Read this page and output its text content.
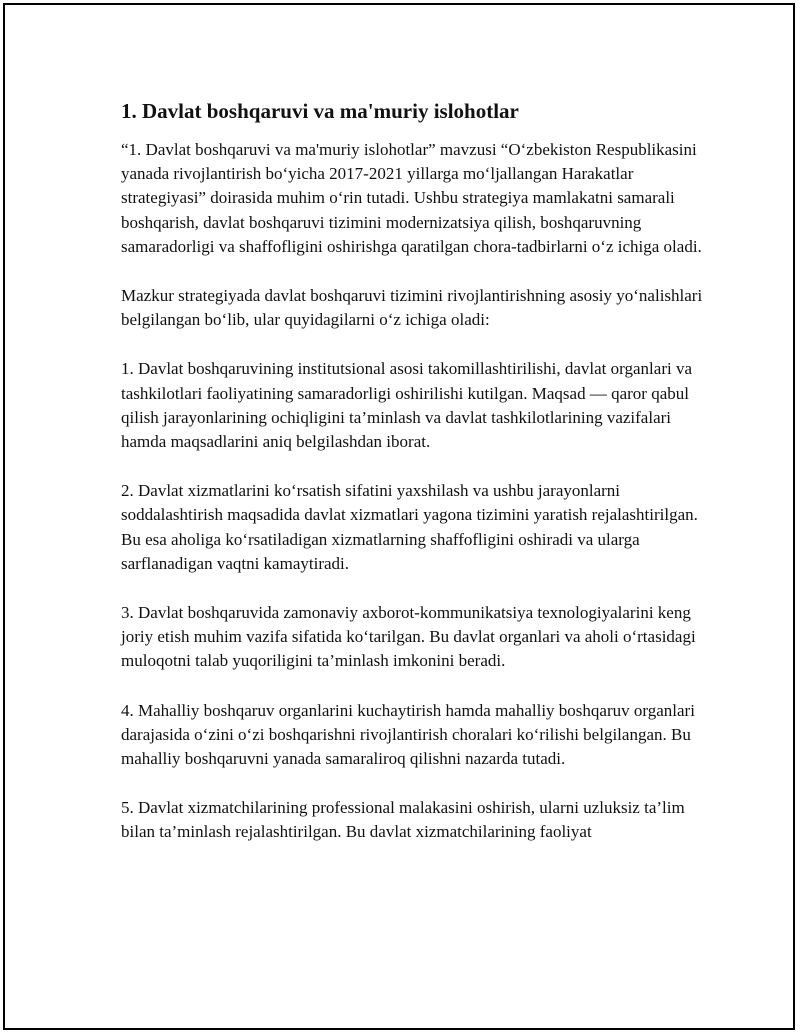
1. Davlat boshqaruvi va ma'muriy islohotlar

“1. Davlat boshqaruvi va ma'muriy islohotlar” mavzusi “O‘zbekiston Respublikasini yanada rivojlantirish bo‘yicha 2017-2021 yillarga mo‘ljallangan Harakatlar strategiyasi” doirasida muhim o‘rin tutadi. Ushbu strategiya mamlakatni samarali boshqarish, davlat boshqaruvi tizimini modernizatsiya qilish, boshqaruvning samaradorligi va shaffofligini oshirishga qaratilgan chora-tadbirlarni o‘z ichiga oladi.

Mazkur strategiyada davlat boshqaruvi tizimini rivojlantirishning asosiy yo‘nalishlari belgilangan bo‘lib, ular quyidagilarni o‘z ichiga oladi:

1. Davlat boshqaruvining institutsional asosi takomillashtirilishi, davlat organlari va tashkilotlari faoliyatining samaradorligi oshirilishi kutilgan. Maqsad — qaror qabul qilish jarayonlarining ochiqligini ta’minlash va davlat tashkilotlarining vazifalari hamda maqsadlarini aniq belgilashdan iborat.

2. Davlat xizmatlarini ko‘rsatish sifatini yaxshilash va ushbu jarayonlarni soddalashtirish maqsadida davlat xizmatlari yagona tizimini yaratish rejalashtirilgan. Bu esa aholiga ko‘rsatiladigan xizmatlarning shaffofligini oshiradi va ularga sarflanadigan vaqtni kamaytiradi.

3. Davlat boshqaruvida zamonaviy axborot-kommunikatsiya texnologiyalarini keng joriy etish muhim vazifa sifatida ko‘tarilgan. Bu davlat organlari va aholi o‘rtasidagi muloqotni talab yuqoriligini ta’minlash imkonini beradi.

4. Mahalliy boshqaruv organlarini kuchaytirish hamda mahalliy boshqaruv organlari darajasida o‘zini o‘zi boshqarishni rivojlantirish choralari ko‘rilishi belgilangan. Bu mahalliy boshqaruvni yanada samaraliroq qilishni nazarda tutadi.

5. Davlat xizmatchilarining professional malakasini oshirish, ularni uzluksiz ta’lim bilan ta’minlash rejalashtirilgan. Bu davlat xizmatchilarining faoliyat
